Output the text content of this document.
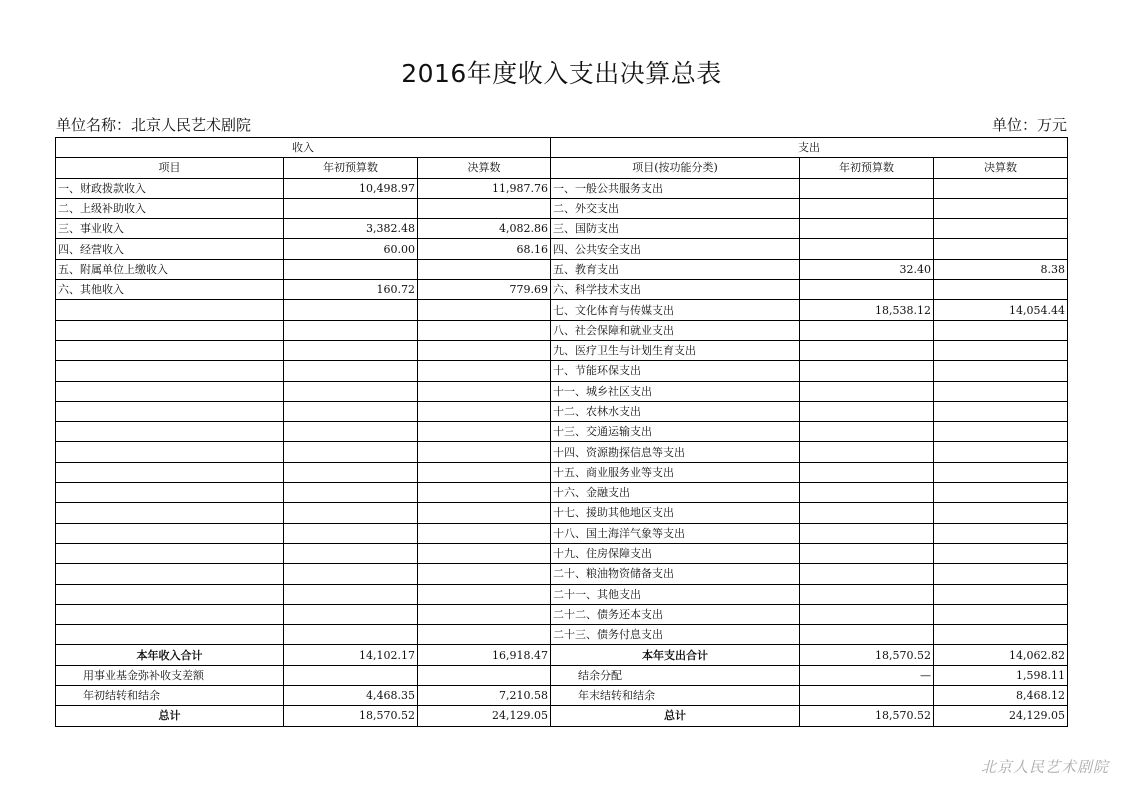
2016年度收入支出决算总表
单位名称：北京人民艺术剧院	单位：万元
收入			支出		
项目	年初预算数	决算数	项目(按功能分类)	年初预算数	决算数
一、财政拨款收入	10,498.97	11,987.76	一、一般公共服务支出		
二、上级补助收入			二、外交支出		
三、事业收入	3,382.48	4,082.86	三、国防支出		
四、经营收入	60.00	68.16	四、公共安全支出		
五、附属单位上缴收入			五、教育支出	32.40	8.38
六、其他收入	160.72	779.69	六、科学技术支出		
			七、文化体育与传媒支出	18,538.12	14,054.44
			八、社会保障和就业支出		
			九、医疗卫生与计划生育支出		
			十、节能环保支出		
			十一、城乡社区支出		
			十二、农林水支出		
			十三、交通运输支出		
			十四、资源勘探信息等支出		
			十五、商业服务业等支出		
			十六、金融支出		
			十七、援助其他地区支出		
			十八、国土海洋气象等支出		
			十九、住房保障支出		
			二十、粮油物资储备支出		
			二十一、其他支出		
			二十二、债务还本支出		
			二十三、债务付息支出		
本年收入合计	14,102.17	16,918.47	本年支出合计	18,570.52	14,062.82
用事业基金弥补收支差额			结余分配	—	1,598.11
年初结转和结余	4,468.35	7,210.58	年末结转和结余		8,468.12
总计	18,570.52	24,129.05	总计	18,570.52	24,129.05
北京人民艺术剧院
